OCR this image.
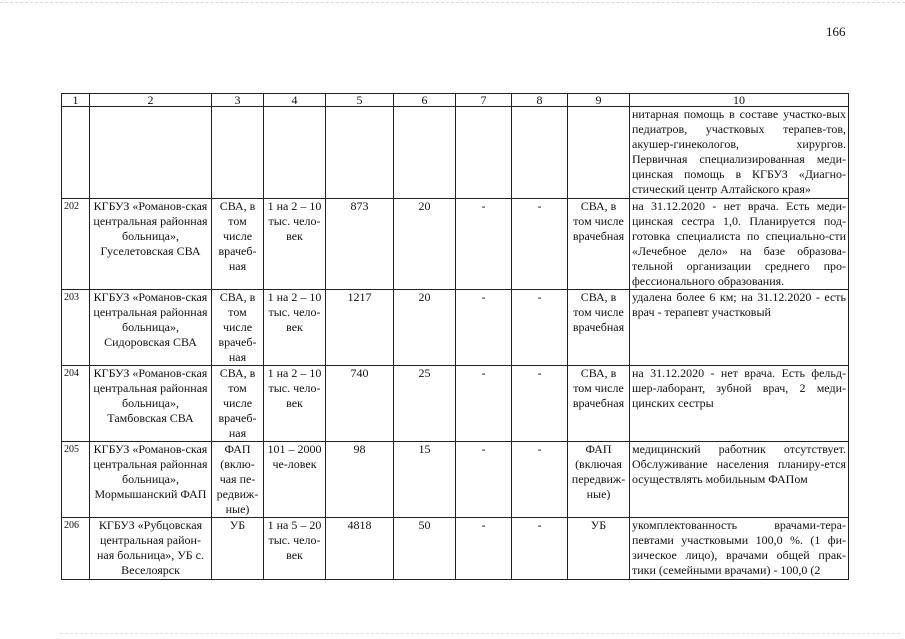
166
1	2	3	4	5	6	7	8	9	10
									нитарная помощь в составе участко-вых педиатров, участковых терапев-тов, акушер-гинекологов, хирургов. Первичная специализированная меди-цинская помощь в КГБУЗ «Диагно-стический центр Алтайского края»
202	КГБУЗ «Романов-ская центральная районная больница», Гуселетовская СВА	СВА, в том числе врачеб-ная	1 на 2 – 10 тыс. чело-век	873	20	-	-	СВА, в том числе врачебная	на 31.12.2020 - нет врача. Есть меди-цинская сестра 1,0. Планируется под-готовка специалиста по специально-сти «Лечебное дело» на базе образова-тельной организации среднего про-фессионального образования.
203	КГБУЗ «Романов-ская центральная районная больница», Сидоровская СВА	СВА, в том числе врачеб-ная	1 на 2 – 10 тыс. чело-век	1217	20	-	-	СВА, в том числе врачебная	удалена более 6 км; на 31.12.2020 - есть врач - терапевт участковый
204	КГБУЗ «Романов-ская центральная районная больница», Тамбовская СВА	СВА, в том числе врачеб-ная	1 на 2 – 10 тыс. чело-век	740	25	-	-	СВА, в том числе врачебная	на 31.12.2020 - нет врача. Есть фельд-шер-лаборант, зубной врач, 2 меди-цинских сестры
205	КГБУЗ «Романов-ская центральная районная больница», Мормышанский ФАП	ФАП (вклю-чая пе-редвиж-ные)	101 – 2000 че-ловек	98	15	-	-	ФАП (включая передвиж-ные)	медицинский работник отсутствует. Обслуживание населения планиру-ется осуществлять мобильным ФАПом
206	КГБУЗ «Рубцовская центральная район-ная больница», УБ с. Веселоярск	УБ	1 на 5 – 20 тыс. чело-век	4818	50	-	-	УБ	укомплектованность врачами-тера-певтами участковыми 100,0 %. (1 фи-зическое лицо), врачами общей прак-тики (семейными врачами) - 100,0 (2
